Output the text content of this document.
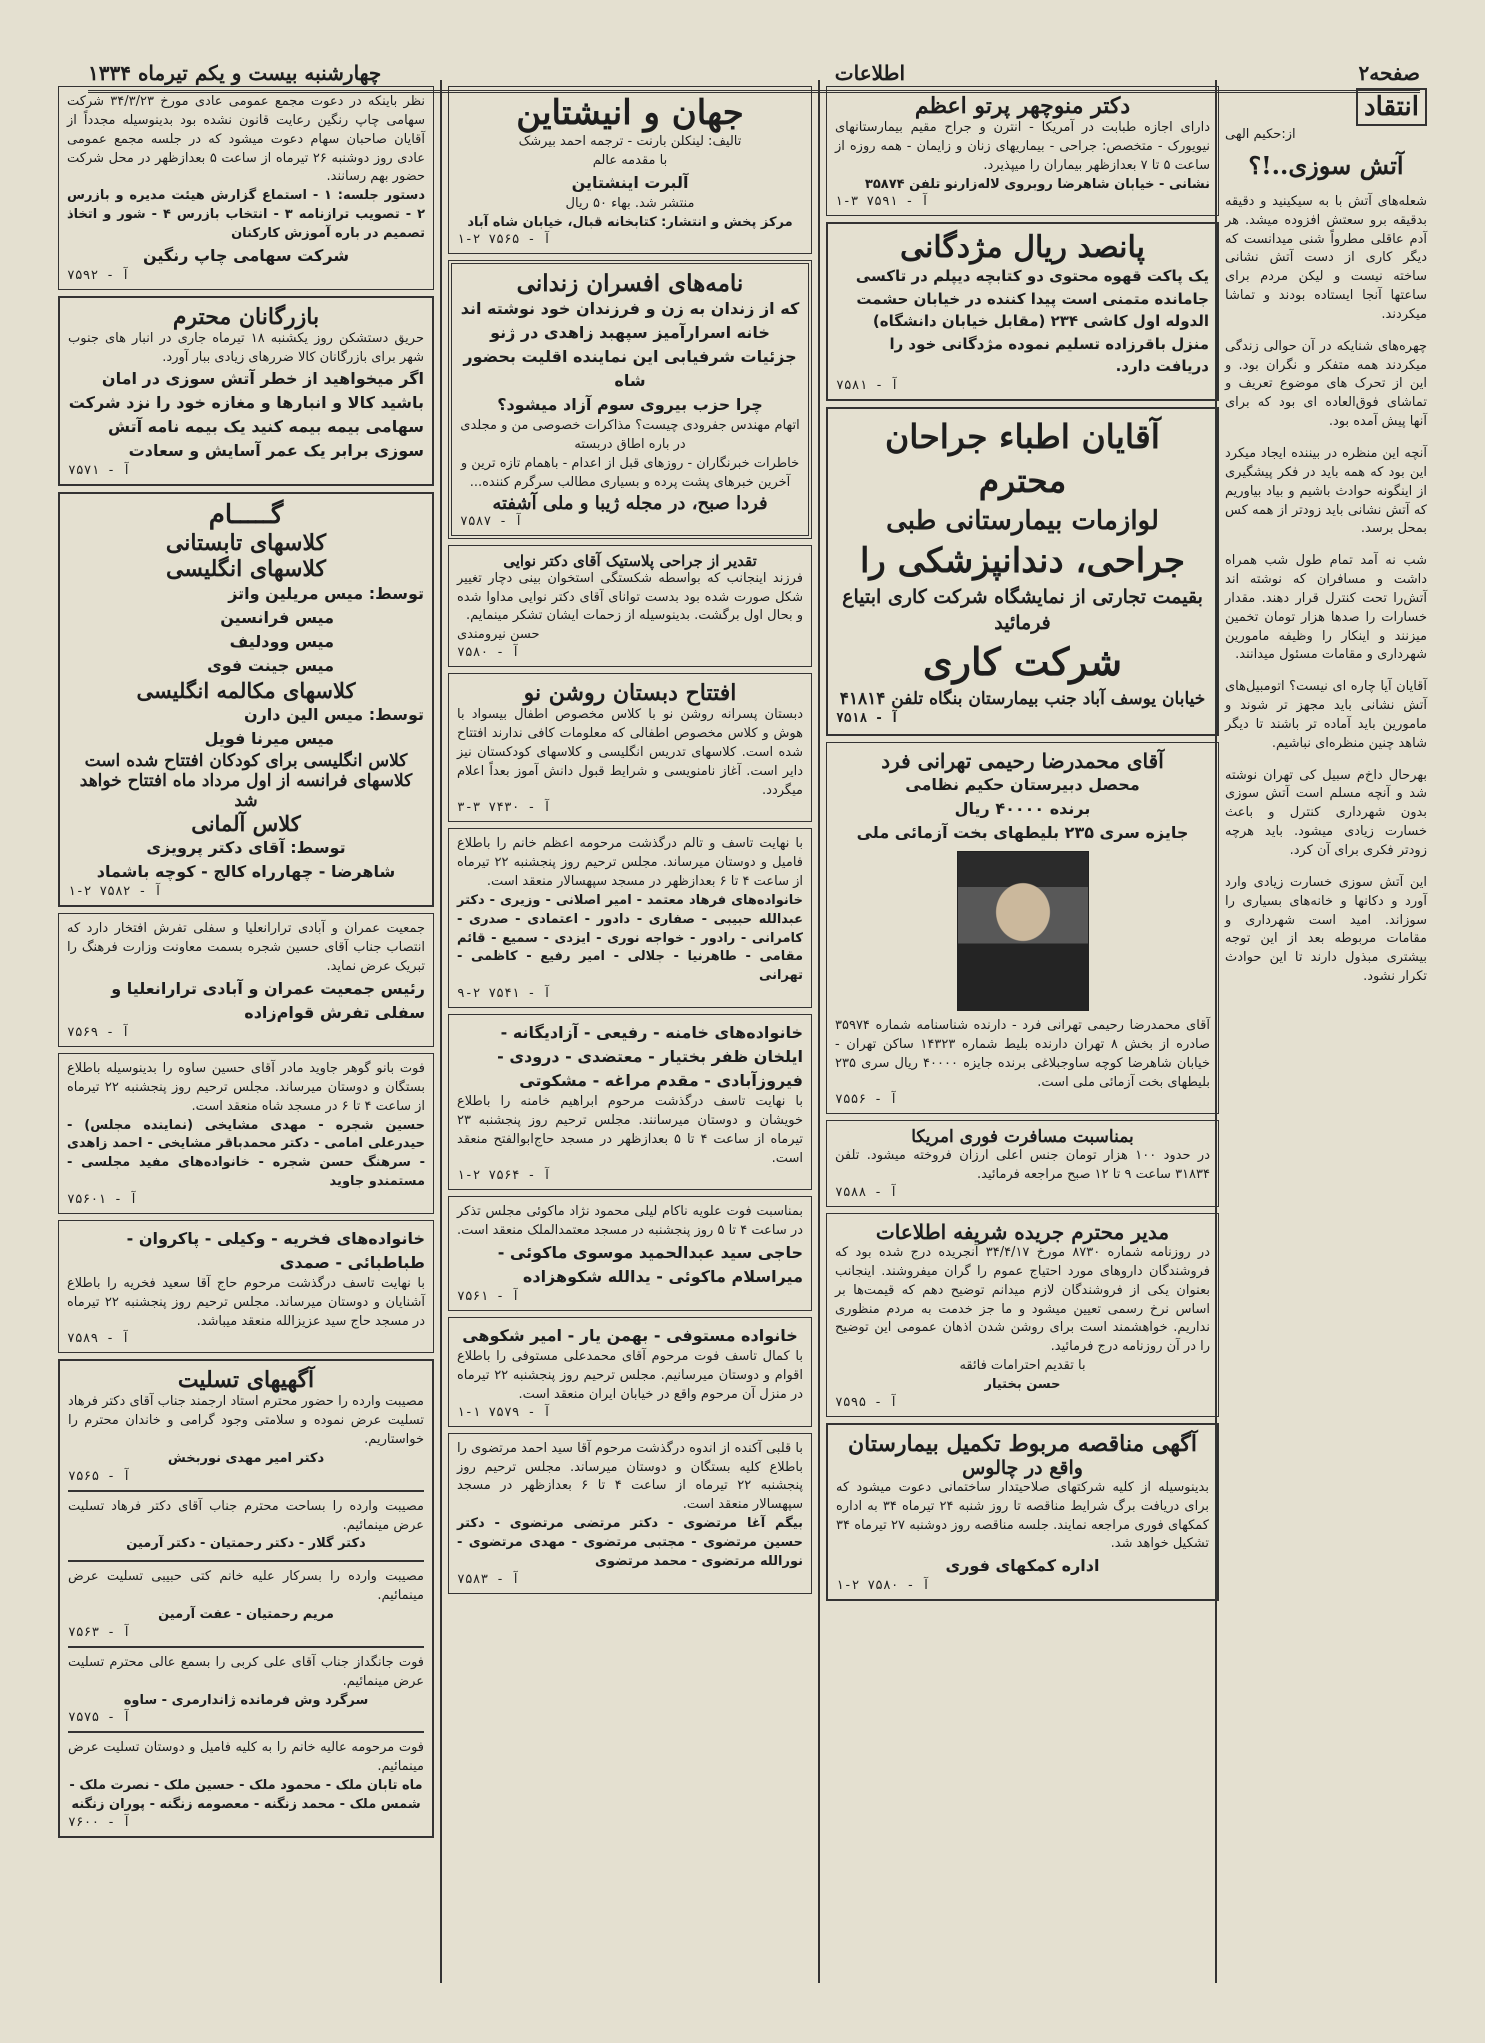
صفحه۲
اطلاعات
چهارشنبه بیست و یکم تیرماه ۱۳۳۴
انتقاد
از:حکیم الهی
آتش سوزی..!؟

شعله‌های آتش با به سیکینید و دقیقه بدقیقه برو سعتش افزوده میشد. هر آدم عاقلی مطرواً شنی میدانست که دیگر کاری از دست آتش نشانی ساخته نیست و لیکن مردم برای ساعتها آنجا ایستاده بودند و تماشا میکردند.

چهره‌های شنایکه در آن حوالی زندگی میکردند همه متفکر و نگران بود. و این از تحرک های موضوع تعریف و تماشای فوق‌العاده ای بود که برای آنها پیش آمده بود.

آنچه این منظره در بیننده ایجاد میکرد این بود که همه باید در فکر پیشگیری از اینگونه حوادث باشیم و بیاد بیاوریم که آتش نشانی باید زودتر از همه کس بمحل برسد.

شب نه آمد تمام طول شب همراه داشت و مسافران که نوشته اند آتش‌را تحت کنترل قرار دهند. مقدار خسارات را صدها هزار تومان تخمین میزنند و اینکار را وظیفه مامورین شهرداری و مقامات مسئول میدانند.

آقایان آیا چاره ای نیست؟ اتومبیل‌های آتش نشانی باید مجهز تر شوند و مامورین باید آماده تر باشند تا دیگر شاهد چنین منظره‌ای نباشیم.

بهرحال داخ‌م سبیل کی تهران نوشته شد و آنچه مسلم است آتش سوزی بدون شهرداری کنترل و باعث خسارت زیادی میشود. باید هرچه زودتر فکری برای آن کرد.

این آتش سوزی خسارت زیادی وارد آورد و دکانها و خانه‌های بسیاری را سوزاند. امید است شهرداری و مقامات مربوطه بعد از این توجه بیشتری مبذول دارند تا این حوادث تکرار نشود.

دکتر منوچهر پرتو اعظم
دارای اجازه طبابت در آمریکا - انترن و جراح مقیم بیمارستانهای نیویورک - متخصص: جراحی - بیماریهای زنان و زایمان - همه روزه از ساعت ۵ تا ۷ بعدازظهر بیماران را میپذیرد.
نشانی - خیابان شاهرضا روبروی لاله‌زارنو تلفن ۳۵۸۷۴
آ - ۷۵۹۱ ۳-۱
پانصد ریال مژدگانی
یک پاکت قهوه محتوی دو کتابچه دیپلم در تاکسی جامانده متمنی است پیدا کننده در خیابان حشمت الدوله اول کاشی ۲۳۴ (مقابل خیابان دانشگاه) منزل باقرزاده تسلیم نموده مژدگانی خود را دریافت دارد.
آ - ۷۵۸۱
آقایان اطباء جراحان محترم
لوازمات بیمارستانی طبی
جراحی، دندانپزشکی را
بقیمت تجارتی از نمایشگاه شرکت کاری ابتیاع فرمائید
شرکت کاری
خیابان یوسف آباد جنب بیمارستان بنگاه تلفن ۴۱۸۱۴
آ - ۷۵۱۸
آقای محمدرضا رحیمی تهرانی فرد
محصل دبیرستان حکیم نظامی
برنده ۴۰۰۰۰ ریال
جایزه سری ۲۳۵ بلیطهای بخت آزمائی ملی
آقای محمدرضا رحیمی تهرانی فرد - دارنده شناسنامه شماره ۳۵۹۷۴ صادره از بخش ۸ تهران دارنده بلیط شماره ۱۴۳۲۳ ساکن تهران - خیابان شاهرضا کوچه ساوجبلاغی برنده جایزه ۴۰۰۰۰ ریال سری ۲۳۵ بلیطهای بخت آزمائی ملی است.
آ - ۷۵۵۶
بمناسبت مسافرت فوری امریکا
در حدود ۱۰۰ هزار تومان جنس اعلی ارزان فروخته میشود. تلفن ۳۱۸۳۴ ساعت ۹ تا ۱۲ صبح مراجعه فرمائید.
آ - ۷۵۸۸
مدیر محترم جریده شریفه اطلاعات
در روزنامه شماره ۸۷۳۰ مورخ ۳۴/۴/۱۷ آنجریده درج شده بود که فروشندگان داروهای مورد احتیاج عموم را گران میفروشند. اینجانب بعنوان یکی از فروشندگان لازم میدانم توضیح دهم که قیمت‌ها بر اساس نرخ رسمی تعیین میشود و ما جز خدمت به مردم منظوری نداریم. خواهشمند است برای روشن شدن اذهان عمومی این توضیح را در آن روزنامه درج فرمائید.
با تقدیم احترامات فائقه
حسن بختیار
آ - ۷۵۹۵
آگهی مناقصه مربوط تکمیل بیمارستان
واقع در چالوس
بدینوسیله از کلیه شرکتهای صلاحیتدار ساختمانی دعوت میشود که برای دریافت برگ شرایط مناقصه تا روز شنبه ۲۴ تیرماه ۳۴ به اداره کمکهای فوری مراجعه نمایند. جلسه مناقصه روز دوشنبه ۲۷ تیرماه ۳۴ تشکیل خواهد شد.
اداره کمکهای فوری
آ - ۷۵۸۰ ۲-۱
جهان و انیشتاین
تالیف: لینکلن بارنت - ترجمه احمد بیرشک
با مقدمه عالم
آلبرت اینشتاین
منتشر شد. بهاء ۵۰ ریال
مرکز پخش و انتشار: کتابخانه قبال، خیابان شاه آباد
آ - ۷۵۶۵ ۲-۱
نامه‌های افسران زندانی
که از زندان به زن و فرزندان خود نوشته اند
خانه اسرارآمیز سپهبد زاهدی در ژنو
جزئیات شرفیابی این نماینده اقلیت بحضور شاه
چرا حزب بیروی سوم آزاد میشود؟
اتهام مهندس جفرودی چیست؟ مذاکرات خصوصی من و مجلدی در باره اطاق دربسته
خاطرات خبرنگاران - روزهای قبل از اعدام - باهمام تازه ترین و آخرین خبرهای پشت پرده و بسیاری مطالب سرگرم کننده...
فردا صبح، در مجله ژیبا و ملی آشفته
آ - ۷۵۸۷
تقدیر از جراحی پلاستیک آقای دکتر نوایی
فرزند اینجانب که بواسطه شکستگی استخوان بینی دچار تغییر شکل صورت شده بود بدست توانای آقای دکتر نوایی مداوا شده و بحال اول برگشت. بدینوسیله از زحمات ایشان تشکر مینمایم.
حسن نیرومندی
آ - ۷۵۸۰
افتتاح دبستان روشن نو
دبستان پسرانه روشن نو با کلاس مخصوص اطفال بیسواد با هوش و کلاس مخصوص اطفالی که معلومات کافی ندارند افتتاح شده است. کلاسهای تدریس انگلیسی و کلاسهای کودکستان نیز دایر است. آغاز نامنویسی و شرایط قبول دانش آموز بعداً اعلام میگردد.
آ - ۷۴۳۰ ۳-۳
با نهایت تاسف و تالم درگذشت مرحومه اعظم خانم را باطلاع فامیل و دوستان میرساند. مجلس ترحیم روز پنجشنبه ۲۲ تیرماه از ساعت ۴ تا ۶ بعدازظهر در مسجد سپهسالار منعقد است.
خانواده‌های فرهاد معتمد - امیر اصلانی - وزیری - دکتر عبدالله حبیبی - صفاری - دادور - اعتمادی - صدری - کامرانی - رادور - خواجه نوری - ایزدی - سمیع - قائم مقامی - طاهرنیا - جلالی - امیر رفیع - کاظمی - تهرانی
آ - ۷۵۴۱ ۲-۹
خانواده‌های خامنه - رفیعی - آزادیگانه - ایلخان ظفر بختیار - معتضدی - درودی - فیروزآبادی - مقدم مراغه - مشکوتی
با نهایت تاسف درگذشت مرحوم ابراهیم خامنه را باطلاع خویشان و دوستان میرسانند. مجلس ترحیم روز پنجشنبه ۲۳ تیرماه از ساعت ۴ تا ۵ بعدازظهر در مسجد حاج‌ابوالفتح منعقد است.
آ - ۷۵۶۴ ۲-۱
بمناسبت فوت علویه ناکام لیلی محمود نژاد ماکوئی مجلس تذکر در ساعت ۴ تا ۵ روز پنجشنبه در مسجد معتمدالملک منعقد است.
حاجی سید عبدالحمید موسوی ماکوئی - میراسلام ماکوئی - یدالله شکوهزاده
آ - ۷۵۶۱
خانواده مستوفی - بهمن یار - امیر شکوهی
با کمال تاسف فوت مرحوم آقای محمدعلی مستوفی را باطلاع اقوام و دوستان میرسانیم. مجلس ترحیم روز پنجشنبه ۲۲ تیرماه در منزل آن مرحوم واقع در خیابان ایران منعقد است.
آ - ۷۵۷۹ ۱-۱
با قلبی آکنده از اندوه درگذشت مرحوم آقا سید احمد مرتضوی را باطلاع کلیه بستگان و دوستان میرساند. مجلس ترحیم روز پنجشنبه ۲۲ تیرماه از ساعت ۴ تا ۶ بعدازظهر در مسجد سپهسالار منعقد است.
بیگم آغا مرتضوی - دکتر مرتضی مرتضوی - دکتر حسین مرتضوی - مجتبی مرتضوی - مهدی مرتضوی - نورالله مرتضوی - محمد مرتضوی
آ - ۷۵۸۳
نظر باینکه در دعوت مجمع عمومی عادی مورخ ۳۴/۳/۲۳ شرکت سهامی چاپ رنگین رعایت قانون نشده بود بدینوسیله مجدداً از آقایان صاحبان سهام دعوت میشود که در جلسه مجمع عمومی عادی روز دوشنبه ۲۶ تیرماه از ساعت ۵ بعدازظهر در محل شرکت حضور بهم رسانند.
دستور جلسه: ۱ - استماع گزارش هیئت مدیره و بازرس ۲ - تصویب ترازنامه ۳ - انتخاب بازرس ۴ - شور و اتخاذ تصمیم در باره آموزش کارکنان
شرکت سهامی چاپ رنگین
آ - ۷۵۹۲
بازرگانان محترم
حریق دستشکن روز یکشنبه ۱۸ تیرماه جاری در انبار های جنوب شهر برای بازرگانان کالا ضررهای زیادی ببار آورد.
اگر میخواهید از خطر آتش سوزی در امان باشید کالا و انبارها و مغازه خود را نزد شرکت سهامی بیمه بیمه کنید یک بیمه نامه آتش سوزی برابر یک عمر آسایش و سعادت
آ - ۷۵۷۱
گـــــام
کلاسهای تابستانی
کلاسهای انگلیسی
توسط: میس مریلین واتز
میس فرانسین
میس وودلیف
میس جینت فوی
کلاسهای مکالمه انگلیسی
توسط: میس الین دارن
میس میرنا فویل
کلاس انگلیسی برای کودکان افتتاح شده است
کلاسهای فرانسه از اول مرداد ماه افتتاح خواهد شد
کلاس آلمانی
توسط: آقای دکتر پرویزی
شاهرضا - چهارراه کالج - کوچه باشماد
آ - ۷۵۸۲ ۲-۱
جمعیت عمران و آبادی ترارانعلیا و سفلی تفرش افتخار دارد که انتصاب جناب آقای حسین شجره بسمت معاونت وزارت فرهنگ را تبریک عرض نماید.
رئیس جمعیت عمران و آبادی ترارانعلیا و سفلی تفرش قوام‌زاده
آ - ۷۵۶۹
فوت بانو گوهر جاوید مادر آقای حسین ساوه را بدینوسیله باطلاع بستگان و دوستان میرساند. مجلس ترحیم روز پنجشنبه ۲۲ تیرماه از ساعت ۴ تا ۶ در مسجد شاه منعقد است.
حسین شجره - مهدی مشایخی (نماینده مجلس) - حیدرعلی امامی - دکتر محمدباقر مشایخی - احمد زاهدی - سرهنگ حسن شجره - خانواده‌های مفید مجلسی - مستمندو جاوید
آ - ۷۵۶۰۱
خانواده‌های فخریه - وکیلی - پاکروان - طباطبائی - صمدی
با نهایت تاسف درگذشت مرحوم حاج آقا سعید فخریه را باطلاع آشنایان و دوستان میرساند. مجلس ترحیم روز پنجشنبه ۲۲ تیرماه در مسجد حاج سید عزیزالله منعقد میباشد.
آ - ۷۵۸۹
آگهیهای تسلیت
مصیبت وارده را حضور محترم استاد ارجمند جناب آقای دکتر فرهاد تسلیت عرض نموده و سلامتی وجود گرامی و خاندان محترم را خواستاریم.
دکتر امیر مهدی نوربخش
آ - ۷۵۶۵
مصیبت وارده را بساحت محترم جناب آقای دکتر فرهاد تسلیت عرض مینمائیم.
دکتر گلار - دکتر رحمتیان - دکتر آرمین
مصیبت وارده را بسرکار علیه خانم کتی حبیبی تسلیت عرض مینمائیم.
مریم رحمتیان - عفت آرمین
آ - ۷۵۶۳
فوت جانگداز جناب آقای علی کربی را بسمع عالی محترم تسلیت عرض مینمائیم.
سرگرد وش فرمانده ژاندارمری - ساوه
آ - ۷۵۷۵
فوت مرحومه عالیه خانم را به کلیه فامیل و دوستان تسلیت عرض مینمائیم.
ماه تابان ملک - محمود ملک - حسین ملک - نصرت ملک - شمس ملک - محمد زنگنه - معصومه زنگنه - پوران زنگنه
آ - ۷۶۰۰
